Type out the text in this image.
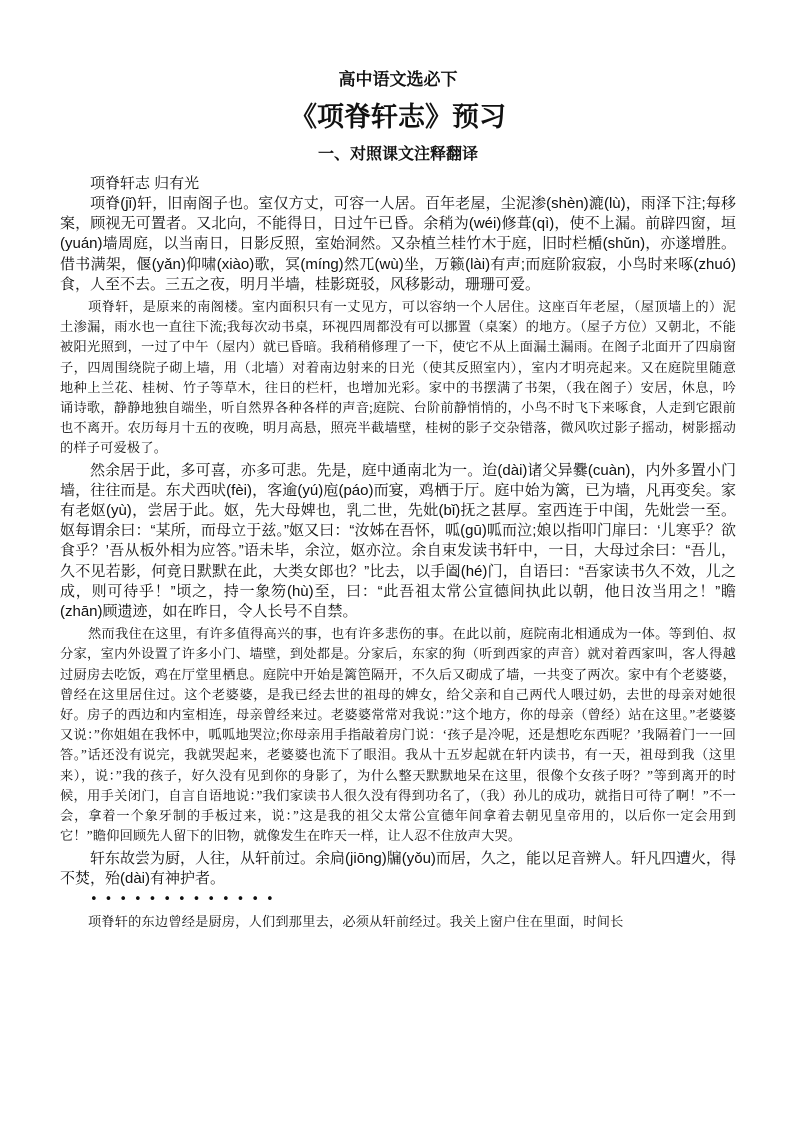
高中语文选必下

《项脊轩志》预习

一、对照课文注释翻译

项脊轩志 归有光

项脊(jǐ)轩，旧南阁子也。室仅方丈，可容一人居。百年老屋，尘泥渗(shèn)漉(lù)，雨泽下注;每移案，顾视无可置者。又北向，不能得日，日过午已昏。余稍为(wéi)修葺(qì)，使不上漏。前辟四窗，垣(yuán)墙周庭，以当南日，日影反照，室始洞然。又杂植兰桂竹木于庭，旧时栏楯(shǔn)，亦遂增胜。借书满架，偃(yǎn)仰啸(xiào)歌，冥(míng)然兀(wù)坐，万籁(lài)有声;而庭阶寂寂，小鸟时来啄(zhuó)食，人至不去。三五之夜，明月半墙，桂影斑驳，风移影动，珊珊可爱。

项脊轩，是原来的南阁楼。室内面积只有一丈见方，可以容纳一个人居住。这座百年老屋，（屋顶墙上的）泥土渗漏，雨水也一直往下流;我每次动书桌，环视四周都没有可以挪置（桌案）的地方。（屋子方位）又朝北，不能被阳光照到，一过了中午（屋内）就已昏暗。我稍稍修理了一下，使它不从上面漏土漏雨。在阁子北面开了四扇窗子，四周围绕院子砌上墙，用（北墙）对着南边射来的日光（使其反照室内），室内才明亮起来。又在庭院里随意地种上兰花、桂树、竹子等草木，往日的栏杆，也增加光彩。家中的书摆满了书架，（我在阁子）安居，休息，吟诵诗歌，静静地独自端坐，听自然界各种各样的声音;庭院、台阶前静悄悄的，小鸟不时飞下来啄食，人走到它跟前也不离开。农历每月十五的夜晚，明月高悬，照亮半截墙壁，桂树的影子交杂错落，微风吹过影子摇动，树影摇动的样子可爱极了。

然余居于此，多可喜，亦多可悲。先是，庭中通南北为一。迨(dài)诸父异爨(cuàn)，内外多置小门墙，往往而是。东犬西吠(fèi)，客逾(yú)庖(páo)而宴，鸡栖于厅。庭中始为篱，已为墙，凡再变矣。家有老妪(yù)，尝居于此。妪，先大母婢也，乳二世，先妣(bǐ)抚之甚厚。室西连于中闺，先妣尝一至。妪每谓余曰：“某所，而母立于兹。”妪又曰：“汝姊在吾怀，呱(gū)呱而泣;娘以指叩门扉曰：‘儿寒乎？欲食乎？’吾从板外相为应答。”语未毕，余泣，妪亦泣。余自束发读书轩中，一日，大母过余曰：“吾儿，久不见若影，何竟日默默在此，大类女郎也？”比去，以手阖(hé)门，自语曰：“吾家读书久不效，儿之成，则可待乎！”顷之，持一象笏(hù)至，曰：“此吾祖太常公宣德间执此以朝，他日汝当用之！”瞻(zhān)顾遗迹，如在昨日，令人长号不自禁。

然而我住在这里，有许多值得高兴的事，也有许多悲伤的事。在此以前，庭院南北相通成为一体。等到伯、叔分家，室内外设置了许多小门、墙壁，到处都是。分家后，东家的狗（听到西家的声音）就对着西家叫，客人得越过厨房去吃饭，鸡在厅堂里栖息。庭院中开始是篱笆隔开，不久后又砌成了墙，一共变了两次。家中有个老婆婆，曾经在这里居住过。这个老婆婆，是我已经去世的祖母的婢女，给父亲和自己两代人喂过奶，去世的母亲对她很好。房子的西边和内室相连，母亲曾经来过。老婆婆常常对我说：”这个地方，你的母亲（曾经）站在这里。”老婆婆又说：”你姐姐在我怀中，呱呱地哭泣;你母亲用手指敲着房门说：‘孩子是冷呢，还是想吃东西呢？’我隔着门一一回答。”话还没有说完，我就哭起来，老婆婆也流下了眼泪。我从十五岁起就在轩内读书，有一天，祖母到我（这里来），说：”我的孩子，好久没有见到你的身影了，为什么整天默默地呆在这里，很像个女孩子呀？”等到离开的时候，用手关闭门，自言自语地说：”我们家读书人很久没有得到功名了，（我）孙儿的成功，就指日可待了啊！”不一会，拿着一个象牙制的手板过来，说：”这是我的祖父太常公宣德年间拿着去朝见皇帝用的，以后你一定会用到它！”瞻仰回顾先人留下的旧物，就像发生在昨天一样，让人忍不住放声大哭。

轩东故尝为厨，人往，从轩前过。余扃(jiōng)牖(yǒu)而居，久之，能以足音辨人。轩凡四遭火，得不焚，殆(dài)有神护者。

•••••••••••••

项脊轩的东边曾经是厨房，人们到那里去，必须从轩前经过。我关上窗户住在里面，时间长
